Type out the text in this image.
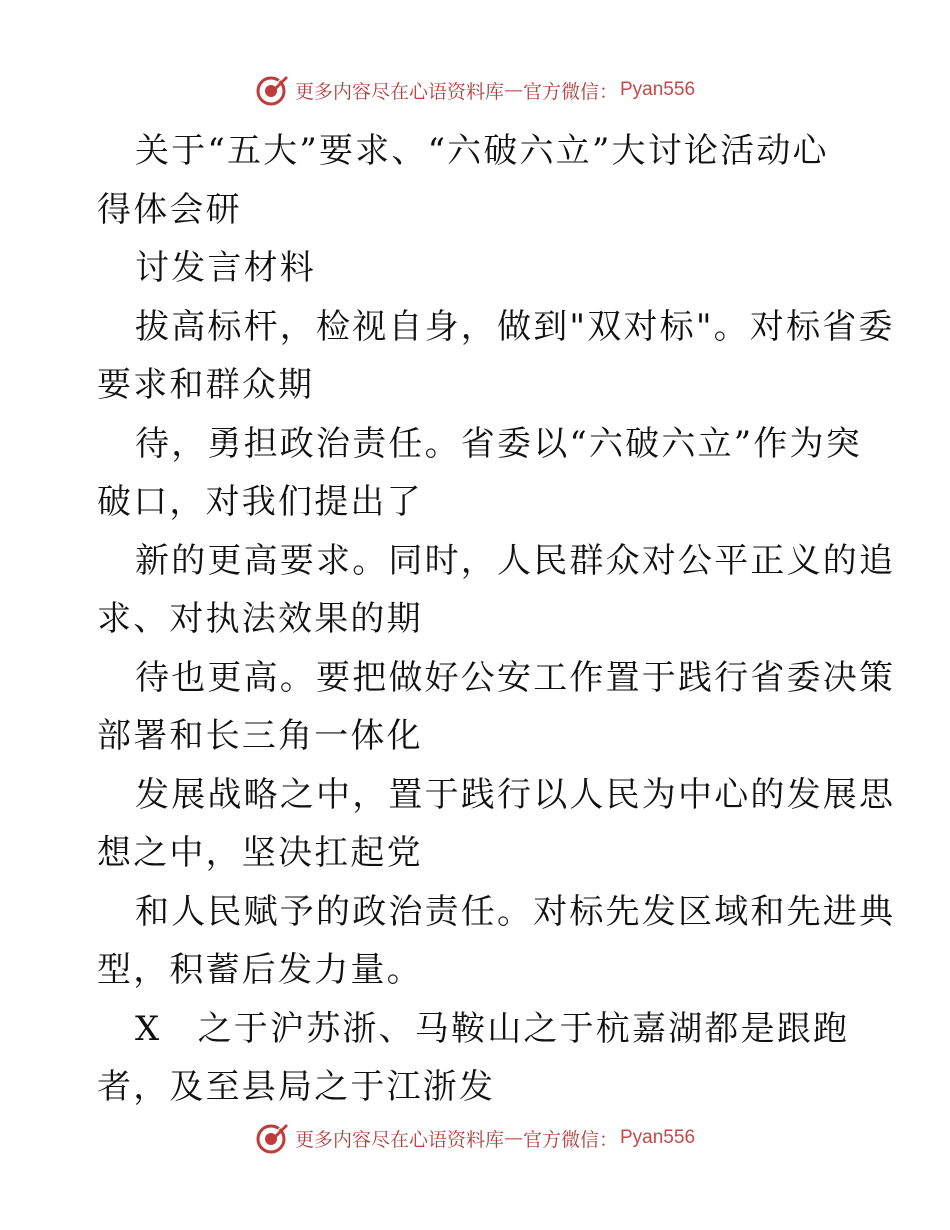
更多内容尽在心语资料库 — 官方微信： Pyan556
关于“五大”要求、“六破六立”大讨论活动心
得体会研
讨发言材料
拔高标杆，检视自身，做到"双对标"。对标省委
要求和群众期
待，勇担政治责任。省委以“六破六立”作为突
破口，对我们提出了
新的更高要求。同时，人民群众对公平正义的追
求、对执法效果的期
待也更高。要把做好公安工作置于践行省委决策
部署和长三角一体化
发展战略之中，置于践行以人民为中心的发展思
想之中，坚决扛起党
和人民赋予的政治责任。对标先发区域和先进典
型，积蓄后发力量。
X　之于沪苏浙、马鞍山之于杭嘉湖都是跟跑
者，及至县局之于江浙发
更多内容尽在心语资料库 — 官方微信： Pyan556
